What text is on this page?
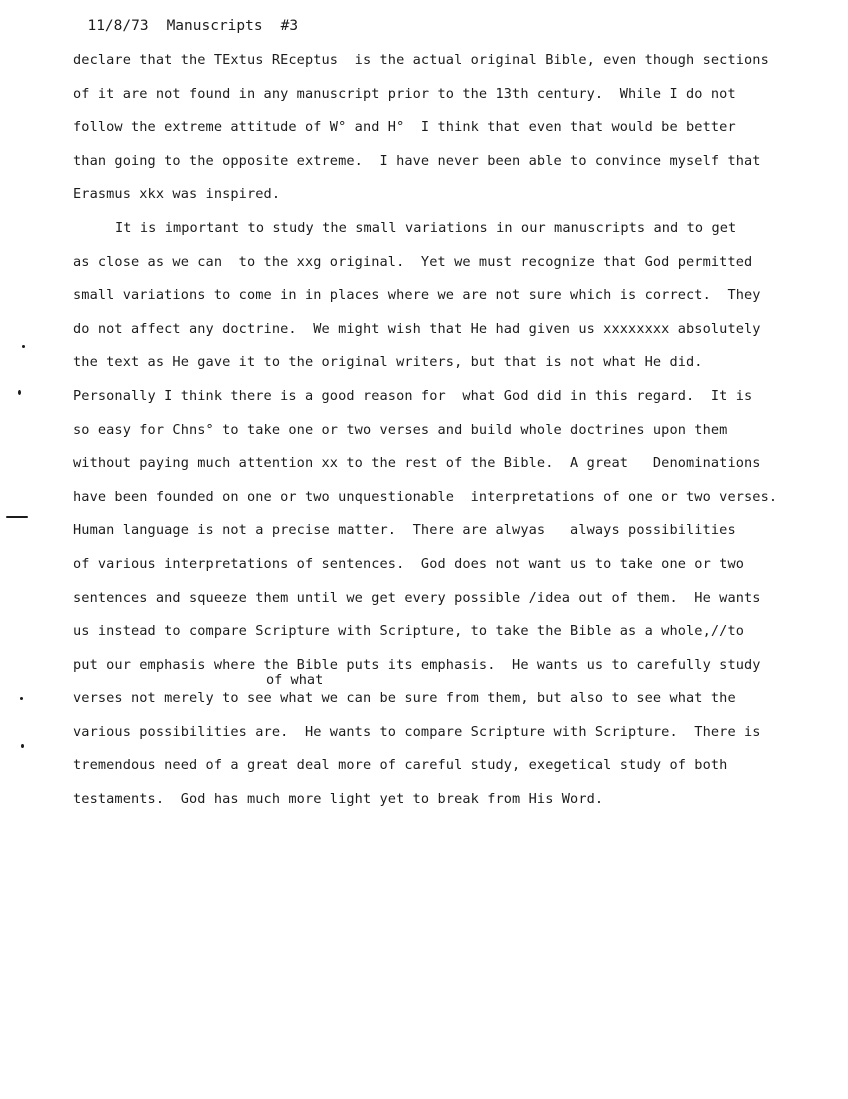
11/8/73 Manuscripts #3

declare that the TExtus REceptus  is the actual original Bible, even though sections
of it are not found in any manuscript prior to the 13th century.  While I do not
follow the extreme attitude of W° and H°  I think that even that would be better
than going to the opposite extreme.  I have never been able to convince myself that
Erasmus xkx was inspired.
It is important to study the small variations in our manuscripts and to get
as close as we can  to the xxg original.  Yet we must recognize that God permitted
small variations to come in in places where we are not sure which is correct.  They
do not affect any doctrine.  We might wish that He had given us xxxxxxxx absolutely
the text as He gave it to the original writers, but that is not what He did.
Personally I think there is a good reason for  what God did in this regard.  It is
so easy for Chns° to take one or two verses and build whole doctrines upon them
without paying much attention xx to the rest of the Bible.  A great   Denominations
have been founded on one or two unquestionable  interpretations of one or two verses.
Human language is not a precise matter.  There are alwyas   always possibilities
of various interpretations of sentences.  God does not want us to take one or two
sentences and squeeze them until we get every possible /idea out of them.  He wants
us instead to compare Scripture with Scripture, to take the Bible as a whole,//to
put our emphasis where the Bible puts its emphasis.  He wants us to carefully study
verses not merely to see what we can be sure from them, but also to see what the
various possibilities are.  He wants to compare Scripture with Scripture.  There is
tremendous need of a great deal more of careful study, exegetical study of both
testaments.  God has much more light yet to break from His Word.
of what
